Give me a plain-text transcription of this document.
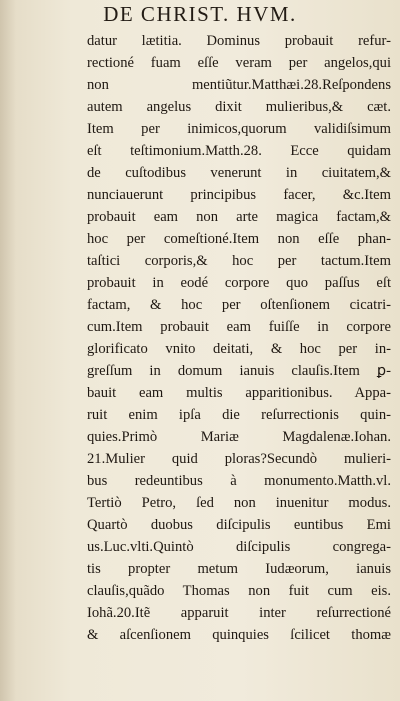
DE CHRIST. HVM.
datur lætitia. Dominus probauit refur-
rectioné fuam eſſe veram per angelos,qui
non mentiũtur.Matthæi.28.Reſpondens
autem angelus dixit mulieribus,& cæt.
Item per inimicos,quorum validiſsimum
eſt teſtimonium.Matth.28. Ecce quidam
de cuſtodibus venerunt in ciuitatem,&
nunciauerunt principibus facer, &c.Item
probauit eam non arte magica factam,&
hoc per comeſtioné.Item non eſſe phan-
taſtici corporis,& hoc per tactum.Item
probauit in eodé corpore quo paſſus eſt
factam, & hoc per oſtenſionem cicatri-
cum.Item probauit eam fuiſſe in corpore
glorificato vnito deitati, & hoc per in-
greſſum in domum ianuis clauſis.Item ꝑ-
bauit eam multis apparitionibus. Appa-
ruit enim ipſa die reſurrectionis quin-
quies.Primò Mariæ Magdalenæ.Iohan.
21.Mulier quid ploras?Secundò mulieri-
bus redeuntibus à monumento.Matth.vl.
Tertiò Petro, ſed non inuenitur modus.
Quartò duobus diſcipulis euntibus Emi
us.Luc.vlti.Quintò diſcipulis congrega-
tis propter metum Iudæorum, ianuis
clauſis,quãdo Thomas non fuit cum eis.
Iohã.20.Itẽ apparuit inter reſurrectioné
& aſcenſionem quinquies ſcilicet thomæ
